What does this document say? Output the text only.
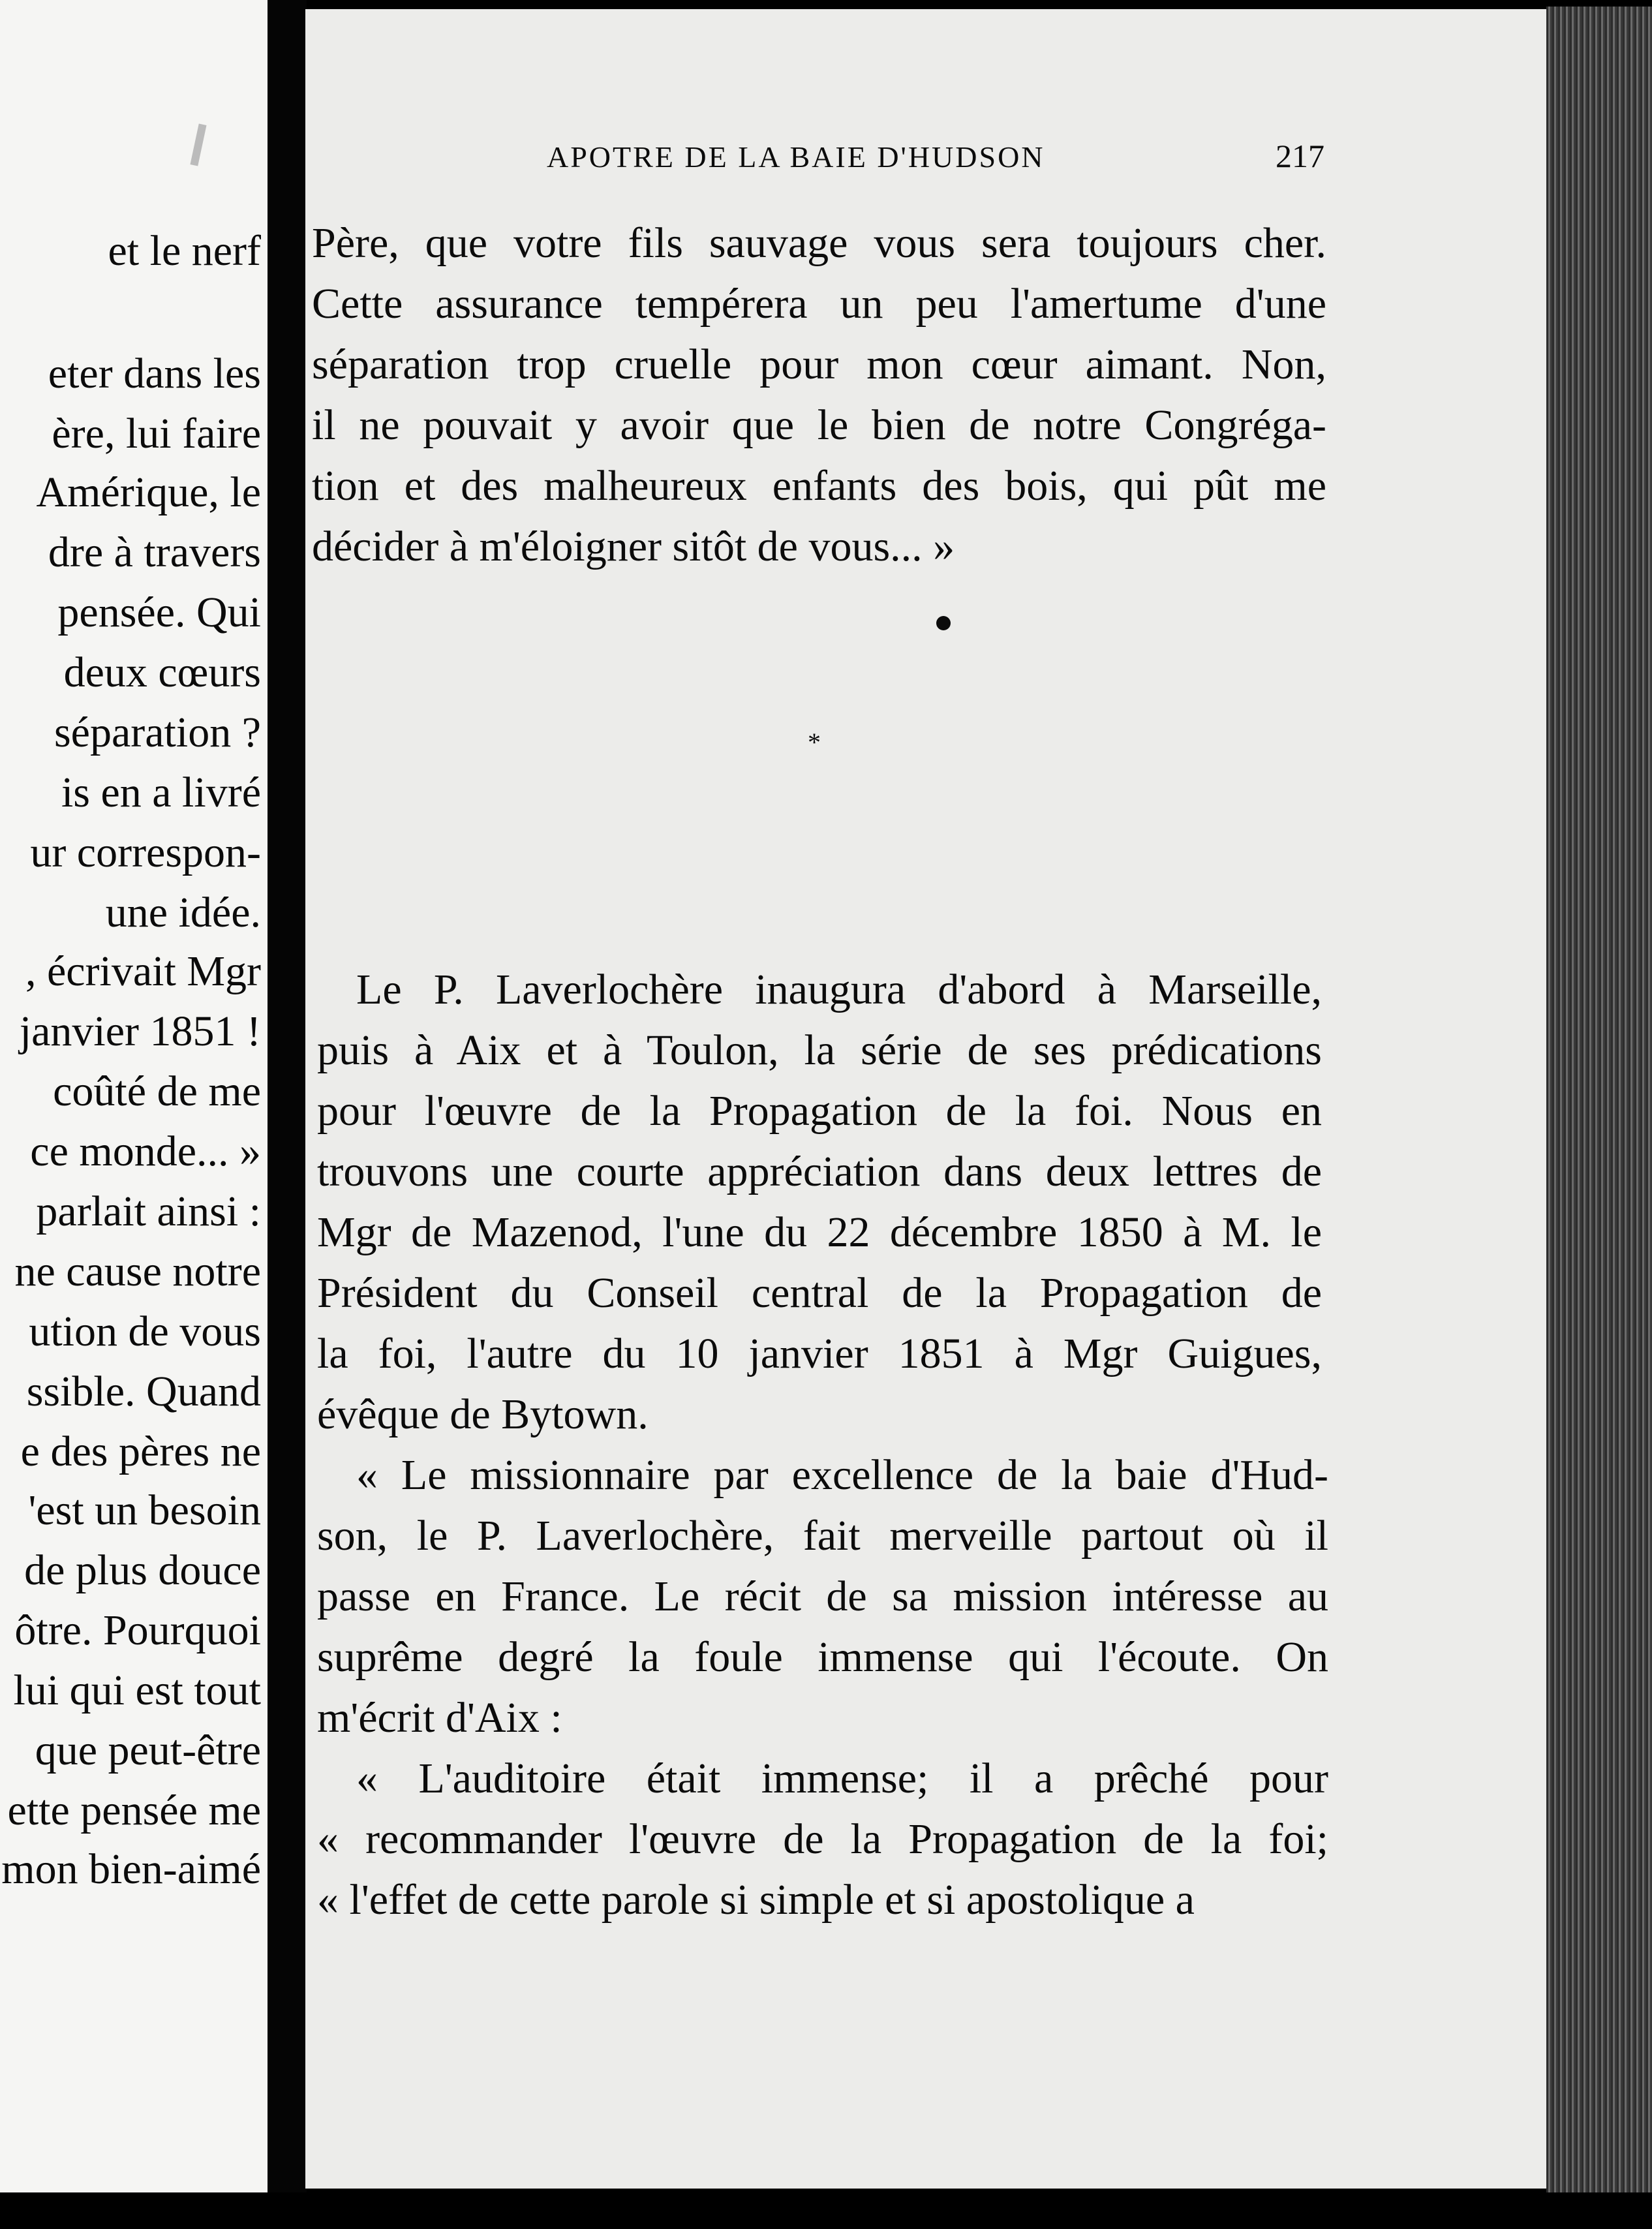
et le nerf
eter dans les
ère, lui faire
Amérique, le
dre à travers
pensée. Qui
deux cœurs
séparation ?
is en a livré
ur correspon-
une idée.
, écrivait Mgr
janvier 1851 !
coûté de me
ce monde... »
parlait ainsi :
ne cause notre
ution de vous
ssible. Quand
e des pères ne
'est un besoin
de plus douce
ôtre. Pourquoi
lui qui est tout
que peut-être
ette pensée me
mon bien-aimé
APOTRE DE LA BAIE D'HUDSON	217
Père, que votre fils sauvage vous sera toujours cher.
Cette assurance tempérera un peu l'amertume d'une
séparation trop cruelle pour mon cœur aimant. Non,
il ne pouvait y avoir que le bien de notre Congréga-
tion et des malheureux enfants des bois, qui pût me
décider à m'éloigner sitôt de vous... »
*
Le P. Laverlochère inaugura d'abord à Marseille,
puis à Aix et à Toulon, la série de ses prédications
pour l'œuvre de la Propagation de la foi. Nous en
trouvons une courte appréciation dans deux lettres de
Mgr de Mazenod, l'une du 22 décembre 1850 à M. le
Président du Conseil central de la Propagation de
la foi, l'autre du 10 janvier 1851 à Mgr Guigues,
évêque de Bytown.
« Le missionnaire par excellence de la baie d'Hud-
son, le P. Laverlochère, fait merveille partout où il
passe en France. Le récit de sa mission intéresse au
suprême degré la foule immense qui l'écoute. On
m'écrit d'Aix :
« L'auditoire était immense; il a prêché pour
« recommander l'œuvre de la Propagation de la foi;
« l'effet de cette parole si simple et si apostolique a
